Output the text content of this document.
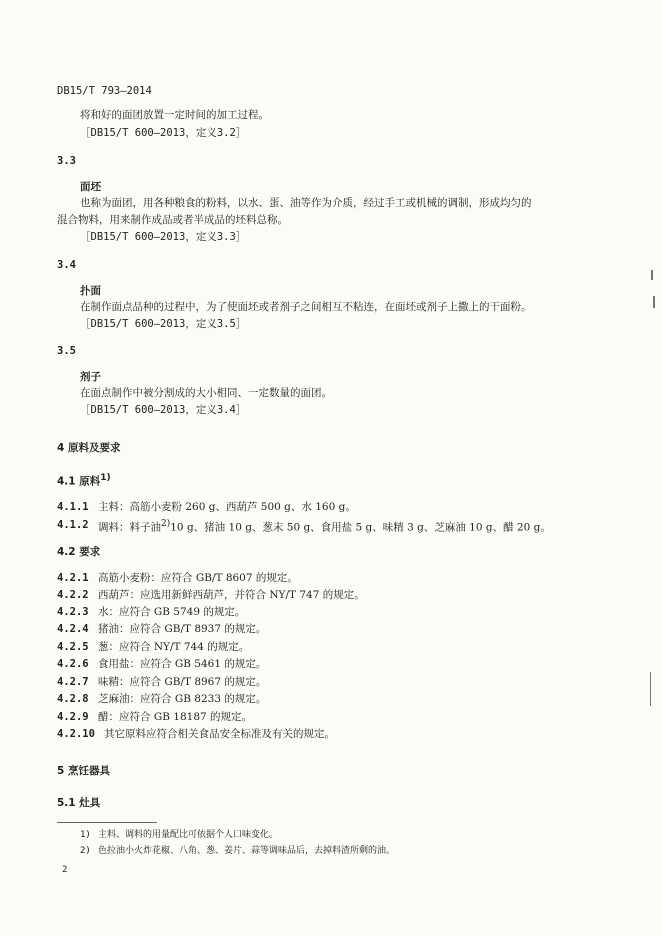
DB15/T 793—2014
将和好的面团放置一定时间的加工过程。
［DB15/T 600—2013，定义3.2］
3.3
面坯
也称为面团，用各种粮食的粉料，以水、蛋、油等作为介质，经过手工或机械的调制，形成均匀的
混合物料，用来制作成品或者半成品的坯料总称。
［DB15/T 600—2013，定义3.3］
3.4
扑面
在制作面点品种的过程中，为了使面坯或者剂子之间相互不粘连，在面坯或剂子上撒上的干面粉。
［DB15/T 600—2013，定义3.5］
3.5
剂子
在面点制作中被分割成的大小相同、一定数量的面团。
［DB15/T 600—2013，定义3.4］
4 原料及要求
4.1 原料$^{1)}$
4.1.1 主料：高筋小麦粉 260 g、西葫芦 500 g、水 160 g。
4.1.2 调料：料子油$^{2)}$10 g、猪油 10 g、葱末 50 g、食用盐 5 g、味精 3 g、芝麻油 10 g、醋 20 g。
4.2 要求
4.2.1 高筋小麦粉：应符合 GB/T 8607 的规定。
4.2.2 西葫芦：应选用新鲜西葫芦，并符合 NY/T 747 的规定。
4.2.3 水：应符合 GB 5749 的规定。
4.2.4 猪油：应符合 GB/T 8937 的规定。
4.2.5 葱：应符合 NY/T 744 的规定。
4.2.6 食用盐：应符合 GB 5461 的规定。
4.2.7 味精：应符合 GB/T 8967 的规定。
4.2.8 芝麻油：应符合 GB 8233 的规定。
4.2.9 醋：应符合 GB 18187 的规定。
4.2.10 其它原料应符合相关食品安全标准及有关的规定。
5 烹饪器具
5.1 灶具
1) 主料、调料的用量配比可依据个人口味变化。
2) 色拉油小火炸花椒、八角、葱、姜片、蒜等调味品后，去掉料渣所剩的油。
2
